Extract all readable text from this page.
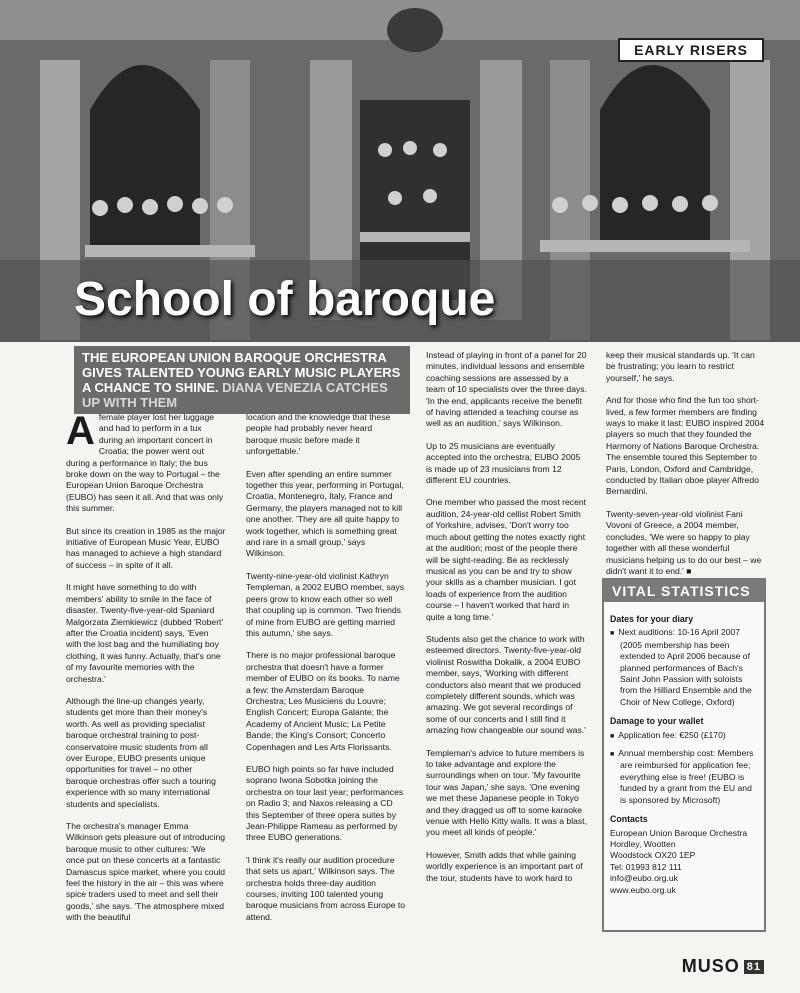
EARLY RISERS
School of baroque
THE EUROPEAN UNION BAROQUE ORCHESTRA GIVES TALENTED YOUNG EARLY MUSIC PLAYERS A CHANCE TO SHINE. DIANA VENEZIA CATCHES UP WITH THEM

Afemale player lost her luggage and had to perform in a tux during an important concert in Croatia; the power went out during a performance in Italy; the bus broke down on the way to Portugal – the European Union Baroque Orchestra (EUBO) has seen it all. And that was only this summer.

But since its creation in 1985 as the major initiative of European Music Year, EUBO has managed to achieve a high standard of success – in spite of it all.

It might have something to do with members' ability to smile in the face of disaster. Twenty-five-year-old Spaniard Malgorzata Ziemkiewicz (dubbed 'Robert' after the Croatia incident) says, 'Even with the lost bag and the humiliating boy clothing, it was funny. Actually, that's one of my favourite memories with the orchestra.'

Although the line-up changes yearly, students get more than their money's worth. As well as providing specialist baroque orchestral training to post-conservatoire music students from all over Europe, EUBO presents unique opportunities for travel – no other baroque orchestras offer such a touring experience with so many international students and specialists.

The orchestra's manager Emma Wilkinson gets pleasure out of introducing baroque music to other cultures: 'We once put on these concerts at a fantastic Damascus spice market, where you could feel the history in the air – this was where spice traders used to meet and sell their goods,' she says. 'The atmosphere mixed with the beautiful

location and the knowledge that these people had probably never heard baroque music before made it unforgettable.'

Even after spending an entire summer together this year, performing in Portugal, Croatia, Montenegro, Italy, France and Germany, the players managed not to kill one another. 'They are all quite happy to work together, which is something great and rare in a small group,' says Wilkinson.

Twenty-nine-year-old violinist Kathryn Templeman, a 2002 EUBO member, says peers grow to know each other so well that coupling up is common. 'Two friends of mine from EUBO are getting married this autumn,' she says.

There is no major professional baroque orchestra that doesn't have a former member of EUBO on its books. To name a few: the Amsterdam Baroque Orchestra; Les Musiciens du Louvre; English Concert; Europa Galante; the Academy of Ancient Music; La Petite Bande; the King's Consort; Concerto Copenhagen and Les Arts Florissants.

EUBO high points so far have included soprano Iwona Sobotka joining the orchestra on tour last year; performances on Radio 3; and Naxos releasing a CD this September of three opera suites by Jean-Philippe Rameau as performed by three EUBO generations.

'I think it's really our audition procedure that sets us apart,' Wilkinson says. The orchestra holds three-day audition courses, inviting 100 talented young baroque musicians from across Europe to attend.

Instead of playing in front of a panel for 20 minutes, individual lessons and ensemble coaching sessions are assessed by a team of 10 specialists over the three days. 'In the end, applicants receive the benefit of having attended a teaching course as well as an audition,' says Wilkinson.

Up to 25 musicians are eventually accepted into the orchestra; EUBO 2005 is made up of 23 musicians from 12 different EU countries.

One member who passed the most recent audition, 24-year-old cellist Robert Smith of Yorkshire, advises, 'Don't worry too much about getting the notes exactly right at the audition; most of the people there will be sight-reading. Be as recklessly musical as you can be and try to show your skills as a chamber musician. I got loads of experience from the audition course – I haven't worked that hard in quite a long time.'

Students also get the chance to work with esteemed directors. Twenty-five-year-old violinist Roswitha Dokalik, a 2004 EUBO member, says, 'Working with different conductors also meant that we produced completely different sounds, which was amazing. We got several recordings of some of our concerts and I still find it amazing how changeable our sound was.'

Templeman's advice to future members is to take advantage and explore the surroundings when on tour. 'My favourite tour was Japan,' she says. 'One evening we met these Japanese people in Tokyo and they dragged us off to some karaoke venue with Hello Kitty walls. It was a blast, you meet all kinds of people.'

However, Smith adds that while gaining worldly experience is an important part of the tour, students have to work hard to

keep their musical standards up. 'It can be frustrating; you learn to restrict yourself,' he says.

And for those who find the fun too short-lived, a few former members are finding ways to make it last: EUBO inspired 2004 players so much that they founded the Harmony of Nations Baroque Orchestra. The ensemble toured this September to Paris, London, Oxford and Cambridge, conducted by Italian oboe player Alfredo Bernardini.

Twenty-seven-year-old violinist Fani Vovoni of Greece, a 2004 member, concludes, 'We were so happy to play together with all these wonderful musicians helping us to do our best – we didn't want it to end.' ■

VITAL STATISTICS
Dates for your diary
■ Next auditions: 10-16 April 2007 (2005 membership has been extended to April 2006 because of planned performances of Bach's Saint John Passion with soloists from the Hilliard Ensemble and the Choir of New College, Oxford)
Damage to your wallet
■ Application fee: €250 (£170)
■ Annual membership cost: Members are reimbursed for application fee; everything else is free! (EUBO is funded by a grant from the EU and is sponsored by Microsoft)
Contacts
European Union Baroque Orchestra
Hordley, Wootten
Woodstock OX20 1EP
Tel: 01993 812 111
info@eubo.org.uk
www.eubo.org.uk
MUSO 81
